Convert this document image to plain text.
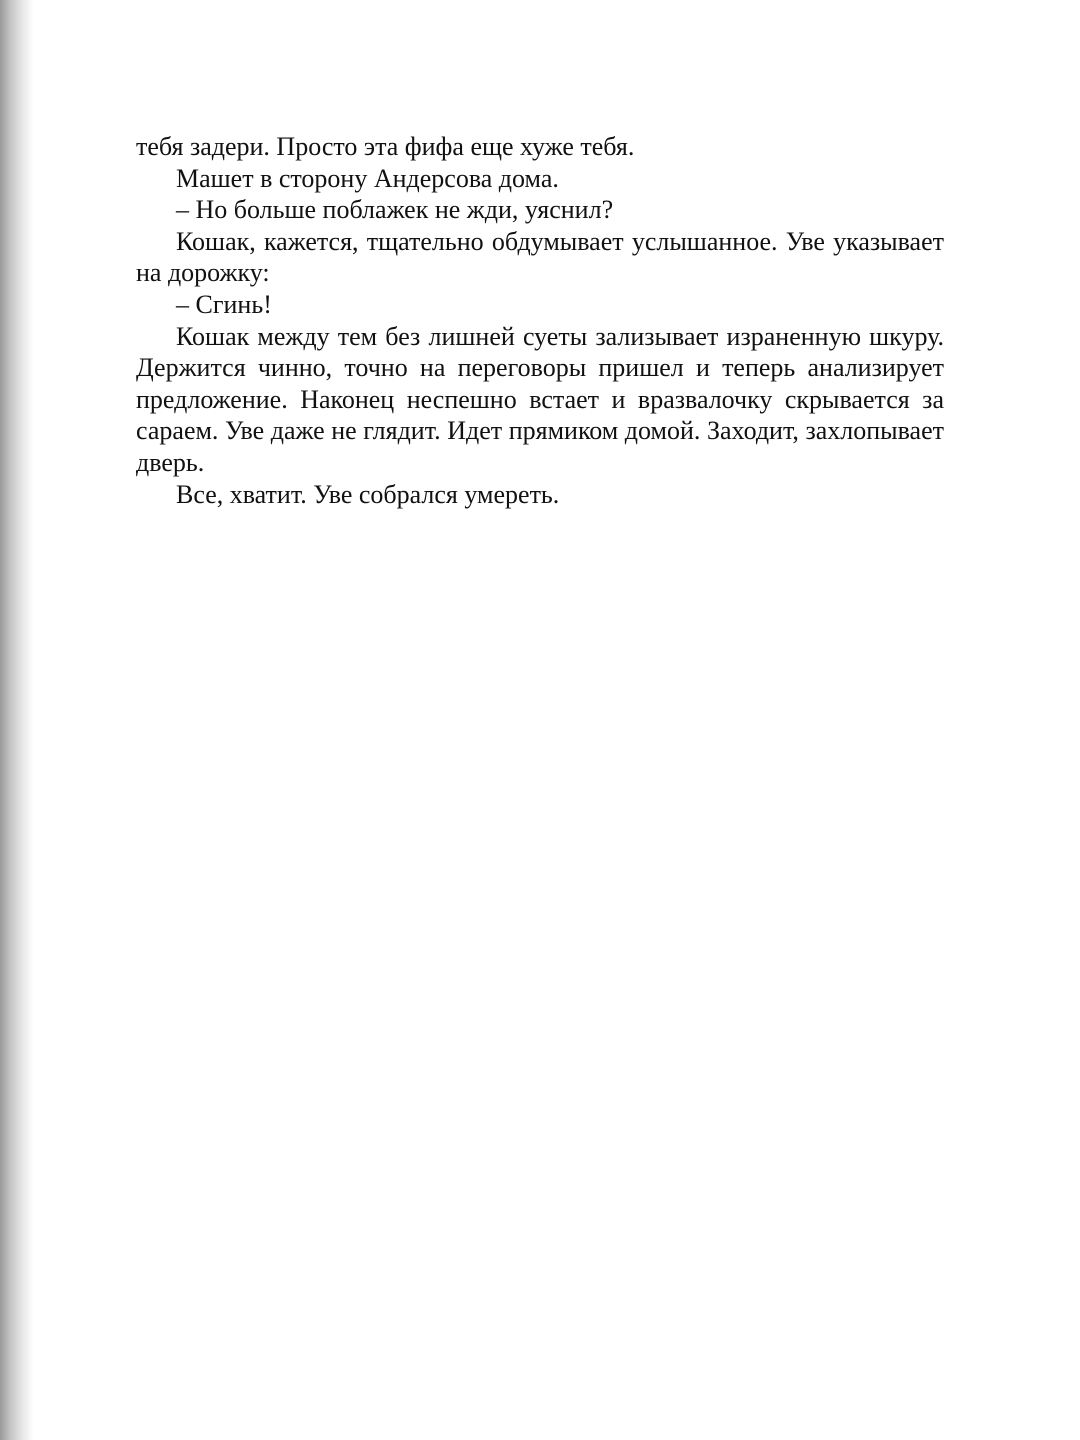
тебя задери. Просто эта фифа еще хуже тебя.

Машет в сторону Андерсова дома.

– Но больше поблажек не жди, уяснил?

Кошак, кажется, тщательно обдумывает услышанное. Уве указывает на дорожку:

– Сгинь!

Кошак между тем без лишней суеты зализывает израненную шкуру. Держится чинно, точно на переговоры пришел и теперь анализирует предложение. Наконец неспешно встает и вразвалочку скрывается за сараем. Уве даже не глядит. Идет прямиком домой. Заходит, захлопывает дверь.

Все, хватит. Уве собрался умереть.
